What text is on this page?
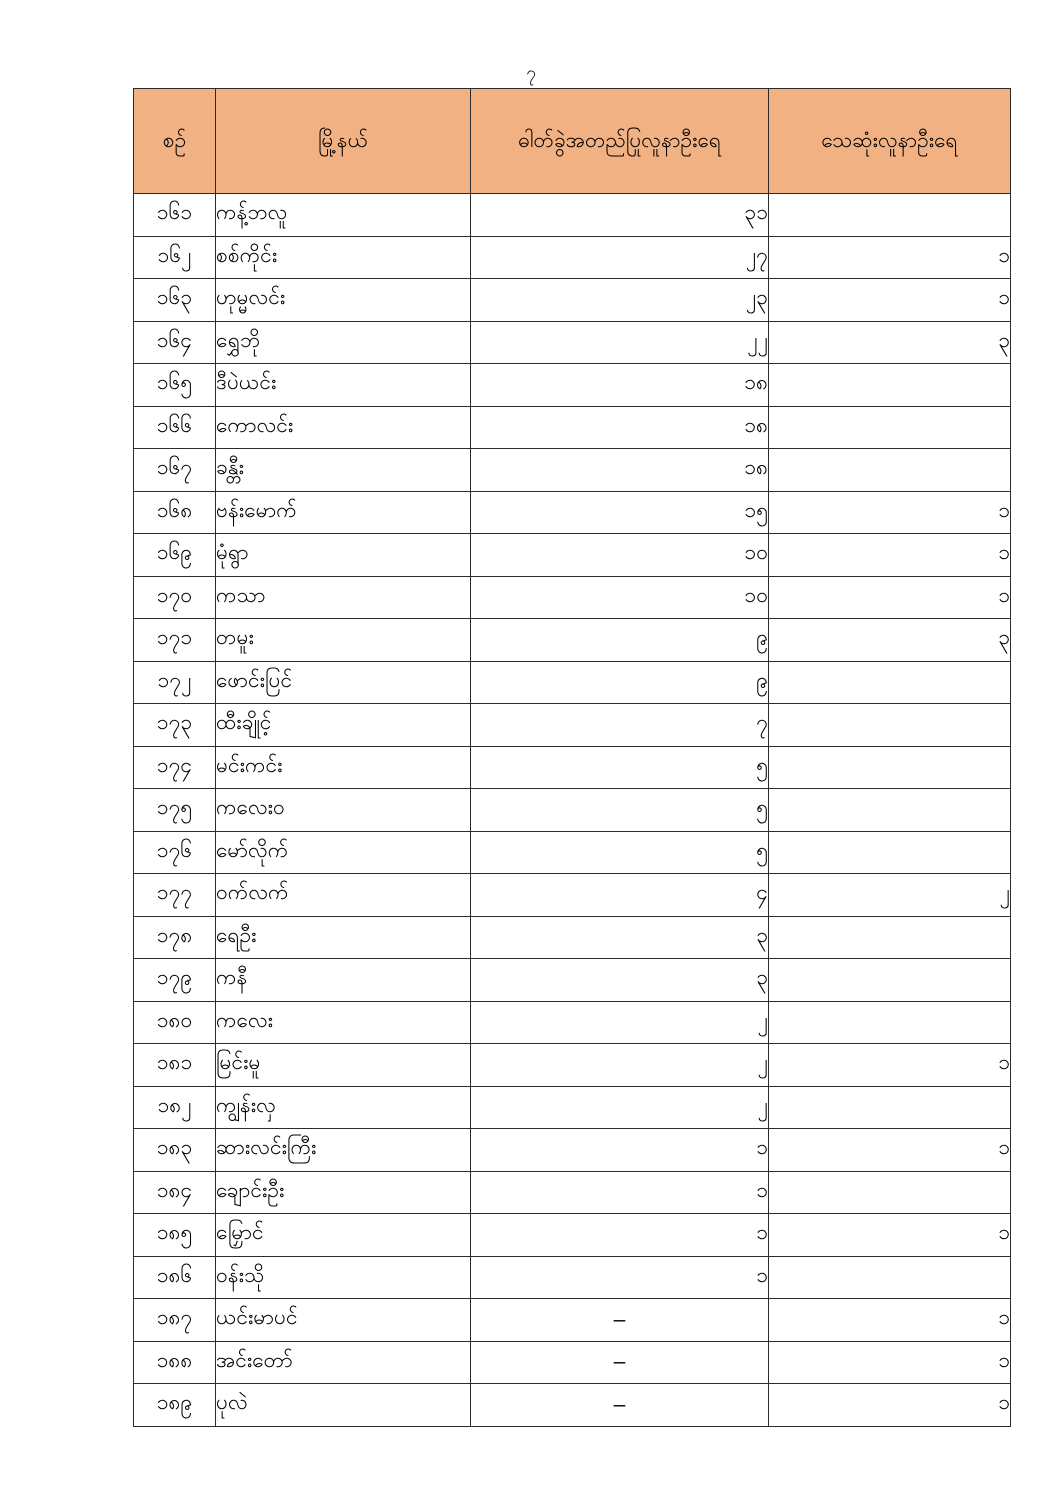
၇
စဉ်	မြို့နယ်	ဓါတ်ခွဲအတည်ပြုလူနာဦးရေ	သေဆုံးလူနာဦးရေ
၁၆၁	ကန့်ဘလူ	၃၁	
၁၆၂	စစ်ကိုင်း	၂၇	၁
၁၆၃	ဟုမ္မလင်း	၂၃	၁
၁၆၄	ရွှေဘို	၂၂	၃
၁၆၅	ဒီပဲယင်း	၁၈	
၁၆၆	ကောလင်း	၁၈	
၁၆၇	ခန္တီး	၁၈	
၁၆၈	ဗန်းမောက်	၁၅	၁
၁၆၉	မုံရွာ	၁၀	၁
၁၇၀	ကသာ	၁၀	၁
၁၇၁	တမူး	၉	၃
၁၇၂	ဖောင်းပြင်	၉	
၁၇၃	ထီးချိုင့်	၇	
၁၇၄	မင်းကင်း	၅	
၁၇၅	ကလေးဝ	၅	
၁၇၆	မော်လိုက်	၅	
၁၇၇	ဝက်လက်	၄	၂
၁၇၈	ရေဦး	၃	
၁၇၉	ကနီ	၃	
၁၈၀	ကလေး	၂	
၁၈၁	မြင်းမူ	၂	၁
၁၈၂	ကျွန်းလှ	၂	
၁၈၃	ဆားလင်းကြီး	၁	၁
၁၈၄	ချောင်းဦး	၁	
၁၈၅	မြှောင်	၁	၁
၁၈၆	ဝန်းသို	၁	
၁၈၇	ယင်းမာပင်	–	၁
၁၈၈	အင်းတော်	–	၁
၁၈၉	ပုလဲ	–	၁
